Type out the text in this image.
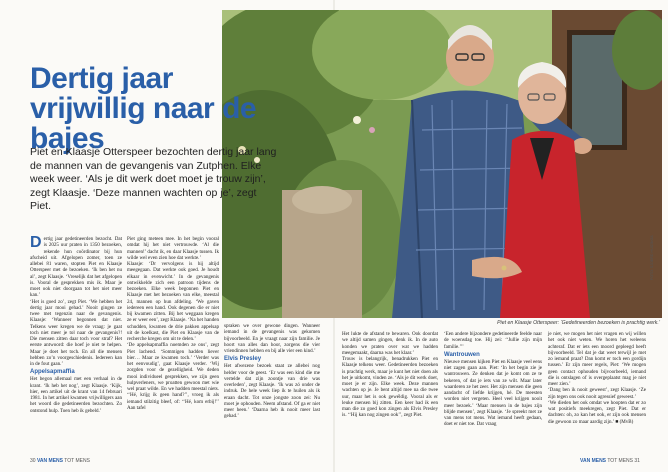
FOTO: SJOERD HUIZINGA
Piet en Klaasje Otterspeer: ‘Gedetineerden bezoeken is prachtig werk.’
Dertig jaar vrijwillig naar de bajes
Piet en Klaasje Otterspeer bezochten dertig jaar lang de mannen van de gevangenis van Zutphen. Elke week weer. ‘Als je dit werk doet moet je trouw zijn’, zegt Klaasje. ‘Deze mannen wachten op je’, zegt Piet.

Dertig jaar gedetineerden bezocht. Dat is 2025 uur praten in 1350 bezoeken, rekende hun coördinator bij hun afscheid uit. Afgelopen zomer, toen ze allebei 81 waren, stopten Piet en Klaasje Otterspeer met de bezoeken. ‘Ik ben het nu al’, zegt Klaasje. ‘Vreselijk dat het afgelopen is. Vooral de gesprekken mis ik. Maar je moet ook niet doorgaan tot het niet meer kan.’

‘Het is goed zo’, zegt Piet. ‘We hebben het dertig jaar mooi gehad.’ Nooit gingen ze twee met tegenzin naar de gevangenis. Klaasje: ‘Wanneer begonnen dat niet. Telkens weer kregen we de vraag: je gaat toch niet meer je tol naar de gevangenis?! Die mensen zitten daar toch voor straf? Het eerste antwoord: die hoef je niet te helpen. Maar je doet het toch. En all die mensen hebben zo’n voorgeschiedenis. Iedereen kan in de fout gaan.’

Appelsapmaffia

Het begon allemaal met een verhaal in de krant. ‘Ik heb het nog’, zegt Klaasje. ‘Kijk, hier, een artikel uit de krant van 14 februari 1981. In het artikel kwamen vrijwilligers aan het woord die gedetineerden bezochten. Zo ontstond hulp. Toen heb ik gebeld.’

Piet ging meteen mee. In het begin vooral omdat hij het niet vertrouwde. ‘Al die mannen!’ dacht ik, en daar Klaasje tussen. Ik wilde wel even zien hoe dat werkte.’

Klaasje: ‘Dr vervolgens is hij altijd meegegaan. Dat werkte ook goed. Je houdt elkaar in evenwicht.’ In de gevangenis ontwikkelde zich een patroon tijdens de bezoeken. Elke week begonnen Piet en Klaasje met het bezoeken van elke, meestal 24, mannen op hun afdeling. ‘We gaven iedereen een hand. Ook degenen die er niet bij kwamen zitten. Bij het weggaan kregen ze er weer een’, zegt Klaasje. ‘Na het handen schudden, kwamen de drie pakken appelsap uit de koelkast, die Piet en Klaasje van de recherche kregen om uit te delen.’

‘De appelsapmaffia noemden ze ons’, zegt Piet lachend. ‘Sommigen hadden liever bier… Maar ze kwamen toch.’ ‘Verder was het eenvoudig’, gaat Klaasje verder. ‘Wij zorgden voor de gezelligheid. We deden mooi individueel gesprekken, we zijn geen hulpverleners, we proatten gewoon met wie wel praat wilde. En we hadden meestal niets. ‘‘Hé, krijg ik geen hand?’’, vroeg ik als iemand stilzitig bleef, of: ‘‘Hé, kom erbij!’’ Aan tafel

spraken we over gewone dingen. Wanneer iemand in de gevangenis was gekomen bijvoorbeeld. En je vraagt naar zijn familie. Je hoort van alles dan hoor, zorgens die vier vriendinnen hebben en bij alle vier een kind.’

Elvis Presley

Het afwezene bezoek staat ze allebei nog helder voor de geest. ‘Er was een kind die me vertelde dat zijn zoontje van drie was overleden’, zegt Klaasje. ‘Ik was zó onder de indruk. De hele week liep ik te huilen als ik eraan dacht. Tot onze jongste zoon zei: Nu moet je ophouden. Neem afstand. Of ga er niet meer heen.’ ‘Daarna heb ik nooit meer last gehad.’

Het lukte de afstand te bewaren. Ook doordat we altijd samen gingen, denk ik. In de auto konden we praten over wat we hadden meegemaakt, daarna was het klaar.’

Trouw is belangrijk, benadrukken Piet en Klaasje telkens weer. Gedetineerden bezoeken is prachtig werk, maar je kunt het niet doen als het je uitkomt, vinden ze. ‘Als je dit werk doet, moet je er zijn. Elke week. Deze mannen wachten op je. Je bent altijd mee na die twee uur, maar het is ook gewéldig. Vooral als er leuke mensen bij zitten. Een keer had ik een man die zo goed kon zingen als Elvis Presley is. ‘‘Hij kan nog zingen ook’’, zegt Piet.

‘Een andere bijzondere gedetineerde feelde naar de woensdag toe. Hij zei: ‘‘Jullie zijn mijn familie.’’’

Wantrouwen

Nieuwe mensen kijken Piet en Klaasje veel eens niet zagen gaan aan. Piet: ‘In het begin zie je wantrouwen. Ze denken dat je komt om ze te bekeren, of dat je iets van ze wilt. Maar later waarderen ze het zeer. Het zijn mensen die geen aandacht of liefde krijgen, hé. De meesten worden niet vergeten. Heel veel krijgen nooit meer bezoek.’ ‘Maar mensen in de bajes zijn blijde mensen’, zegt Klaasje. ‘Je spreekt met ze van mens tot mens. Wat iemand heeft gedaan, doet er niet toe. Dat vraag

je niet, we mogen het niet vragen en wij willen het ook niet weten. We horen het weleens achteraf. Dat er iets een moord gepleegd heeft bijvoorbeeld. Tel dat je dat weet terwijl je met zo iemand praat? Dan komt er toch een gordijn tussen.’ Er zijn meer regels, Piet: ‘We mogen geen contact ophouden bijvoorbeeld, iemand die is ontslagen of is overgeplaatst mag je niet meer zien.’

‘Dang ben ik nooit geweest’, zegt Klaasje. ‘Ze zijn tegen ons ook nooit agressief geweest.’

‘We dieden het ook omdat we hoopten dat er zo wat positiefs meekregen, zegt Piet. Dat er dachten: oh, zo kan het ook, er zijn ook mensen die gewoon zo maar aardig zijn.’ ■ (MvB)

30 VAN MENS TOT MENS	VAN MENS TOT MENS 31
